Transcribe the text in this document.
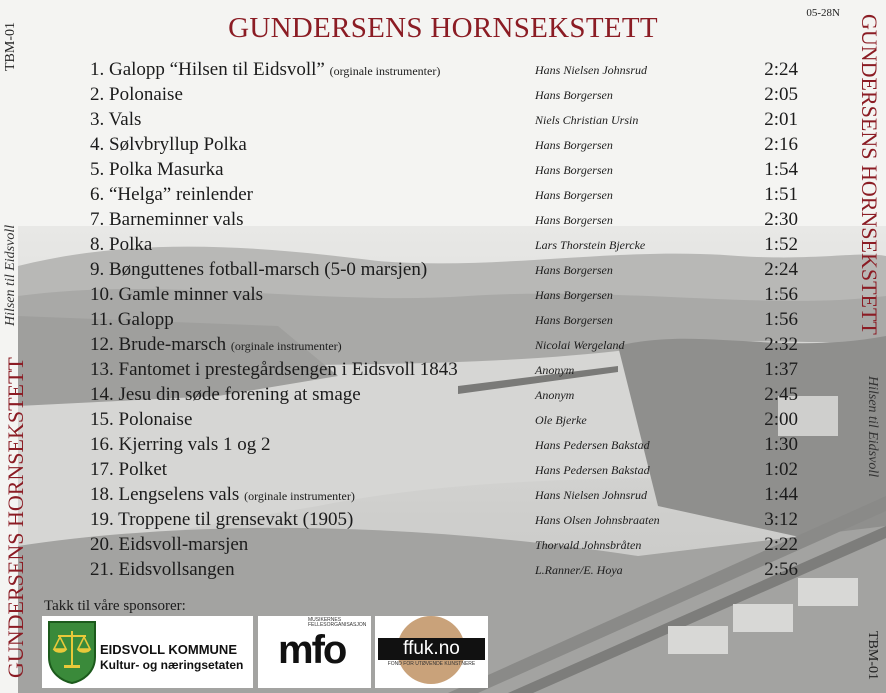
GUNDERSENS HORNSEKSTETT	05-28N
TBM-01
Hilsen til Eidsvoll
GUNDERSENS HORNSEKSTETT
GUNDERSENS HORNSEKSTETT
Hilsen til Eidsvoll
TBM-01
1. Galopp “Hilsen til Eidsvoll” (orginale instrumenter)	Hans Nielsen Johnsrud	2:24
2. Polonaise	Hans Borgersen	2:05
3. Vals	Niels Christian Ursin	2:01
4. Sølvbryllup Polka	Hans Borgersen	2:16
5. Polka Masurka	Hans Borgersen	1:54
6. “Helga” reinlender	Hans Borgersen	1:51
7. Barneminner vals	Hans Borgersen	2:30
8. Polka	Lars Thorstein Bjercke	1:52
9. Bønguttenes fotball-marsch (5-0 marsjen)	Hans Borgersen	2:24
10. Gamle minner vals	Hans Borgersen	1:56
11. Galopp	Hans Borgersen	1:56
12. Brude-marsch (orginale instrumenter)	Nicolai Wergeland	2:32
13. Fantomet i prestegårdsengen i Eidsvoll 1843	Anonym	1:37
14. Jesu din søde forening at smage	Anonym	2:45
15. Polonaise	Ole Bjerke	2:00
16. Kjerring vals 1 og 2	Hans Pedersen Bakstad	1:30
17. Polket	Hans Pedersen Bakstad	1:02
18. Lengselens vals (orginale instrumenter)	Hans Nielsen Johnsrud	1:44
19. Troppene til grensevakt (1905)	Hans Olsen Johnsbraaten	3:12
20. Eidsvoll-marsjen	Thorvald Johnsbråten	2:22
21. Eidsvollsangen	L.Ranner/E. Hoya	2:56
Takk til våre sponsorer:
EIDSVOLL KOMMUNE
Kultur- og næringsetaten
MUSIKERNES FELLESORGANISASJON
mfo	ffuk.no
FOND FOR UTØVENDE KUNSTNERE
